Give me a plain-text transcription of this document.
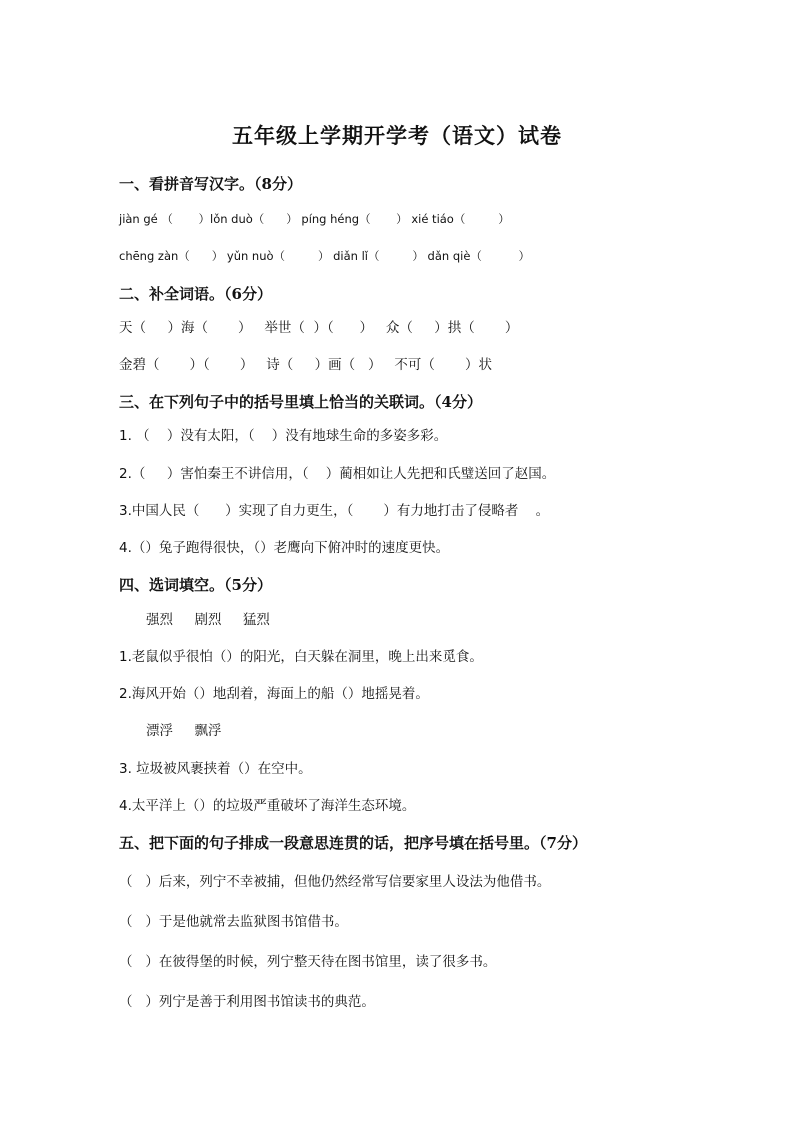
五年级上学期开学考（语文）试卷
一、看拼音写汉字。（8分）
jiàn gé （       ）lǒn duò（      ） píng héng（       ） xié tiáo（         ）
chēng zàn（      ） yǔn nuò（         ） diǎn lǐ（         ） dǎn qiè（          ）
二、补全词语。（6分）
天（     ）海（       ）   举世（  ）（      ）   众（     ）拱（       ）
金碧（       ）（       ）   诗（     ）画（   ）   不可（       ）状
三、在下列句子中的括号里填上恰当的关联词。（4分）
1. （    ）没有太阳，（    ）没有地球生命的多姿多彩。
2.（     ）害怕秦王不讲信用，（    ）蔺相如让人先把和氏璧送回了赵国。
3.中国人民（      ）实现了自力更生，（       ）有力地打击了侵略者    。
4.（）兔子跑得很快，（）老鹰向下俯冲时的速度更快。
四、选词填空。（5分）
强烈     剧烈     猛烈
1.老鼠似乎很怕（）的阳光，白天躲在洞里，晚上出来觅食。
2.海风开始（）地刮着，海面上的船（）地摇晃着。
漂浮     飘浮
3. 垃圾被风裹挟着（）在空中。
4.太平洋上（）的垃圾严重破坏了海洋生态环境。
五、把下面的句子排成一段意思连贯的话，把序号填在括号里。（7分）
（   ）后来，列宁不幸被捕，但他仍然经常写信要家里人设法为他借书。
（   ）于是他就常去监狱图书馆借书。
（   ）在彼得堡的时候，列宁整天待在图书馆里，读了很多书。
（   ）列宁是善于利用图书馆读书的典范。
